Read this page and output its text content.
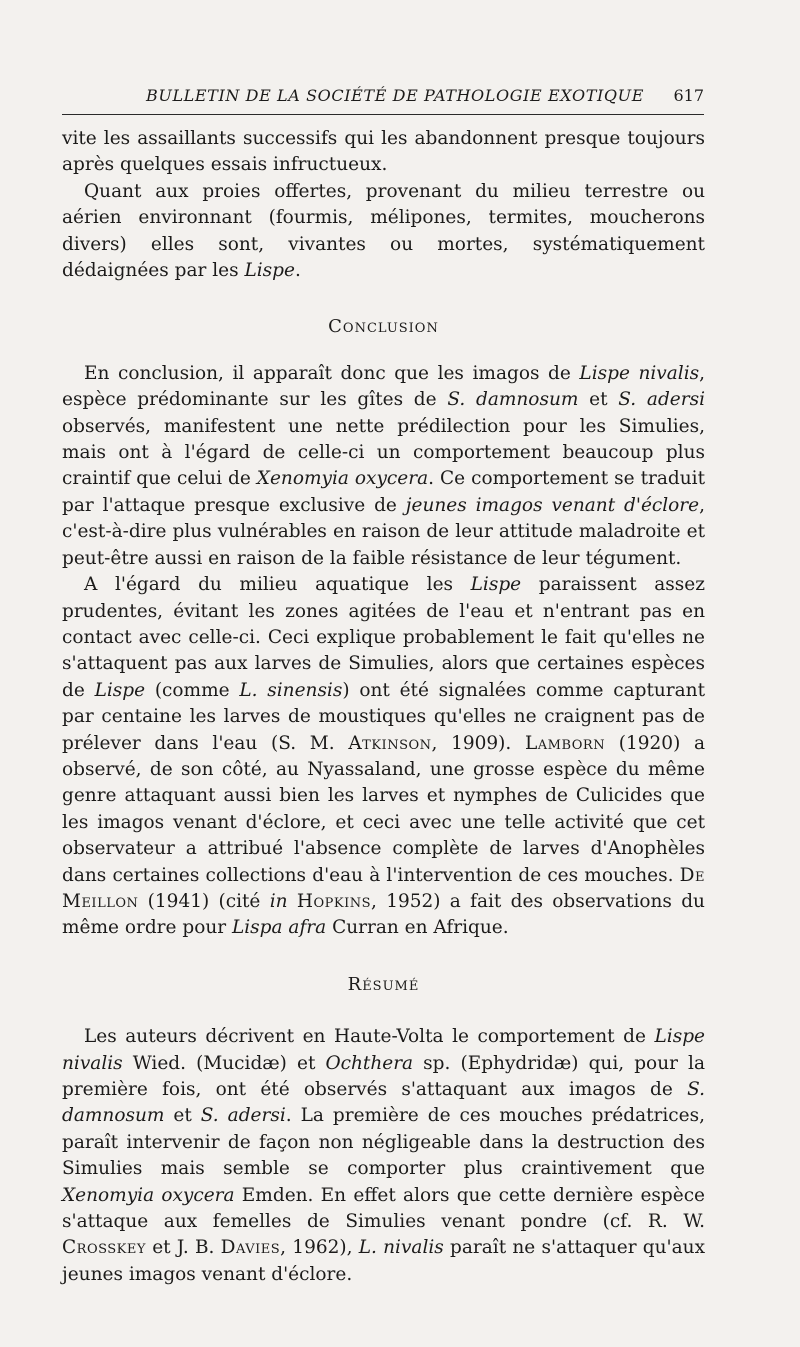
BULLETIN DE LA SOCIÉTÉ DE PATHOLOGIE EXOTIQUE 617

vite les assaillants successifs qui les abandonnent presque toujours après quelques essais infructueux.

Quant aux proies offertes, provenant du milieu terrestre ou aérien environnant (fourmis, mélipones, termites, moucherons divers) elles sont, vivantes ou mortes, systématiquement dédaignées par les Lispe.

Conclusion

En conclusion, il apparaît donc que les imagos de Lispe nivalis, espèce prédominante sur les gîtes de S. damnosum et S. adersi observés, manifestent une nette prédilection pour les Simulies, mais ont à l'égard de celle-ci un comportement beaucoup plus craintif que celui de Xenomyia oxycera. Ce comportement se traduit par l'attaque presque exclusive de jeunes imagos venant d'éclore, c'est-à-dire plus vulnérables en raison de leur attitude maladroite et peut-être aussi en raison de la faible résistance de leur tégument.

A l'égard du milieu aquatique les Lispe paraissent assez prudentes, évitant les zones agitées de l'eau et n'entrant pas en contact avec celle-ci. Ceci explique probablement le fait qu'elles ne s'attaquent pas aux larves de Simulies, alors que certaines espèces de Lispe (comme L. sinensis) ont été signalées comme capturant par centaine les larves de moustiques qu'elles ne craignent pas de prélever dans l'eau (S. M. Atkinson, 1909). Lamborn (1920) a observé, de son côté, au Nyassaland, une grosse espèce du même genre attaquant aussi bien les larves et nymphes de Culicides que les imagos venant d'éclore, et ceci avec une telle activité que cet observateur a attribué l'absence complète de larves d'Anophèles dans certaines collections d'eau à l'intervention de ces mouches. De Meillon (1941) (cité in Hopkins, 1952) a fait des observations du même ordre pour Lispa afra Curran en Afrique.

Résumé

Les auteurs décrivent en Haute-Volta le comportement de Lispe nivalis Wied. (Mucidæ) et Ochthera sp. (Ephydridæ) qui, pour la première fois, ont été observés s'attaquant aux imagos de S. damnosum et S. adersi. La première de ces mouches prédatrices, paraît intervenir de façon non négligeable dans la destruction des Simulies mais semble se comporter plus craintivement que Xenomyia oxycera Emden. En effet alors que cette dernière espèce s'attaque aux femelles de Simulies venant pondre (cf. R. W. Crosskey et J. B. Davies, 1962), L. nivalis paraît ne s'attaquer qu'aux jeunes imagos venant d'éclore.
